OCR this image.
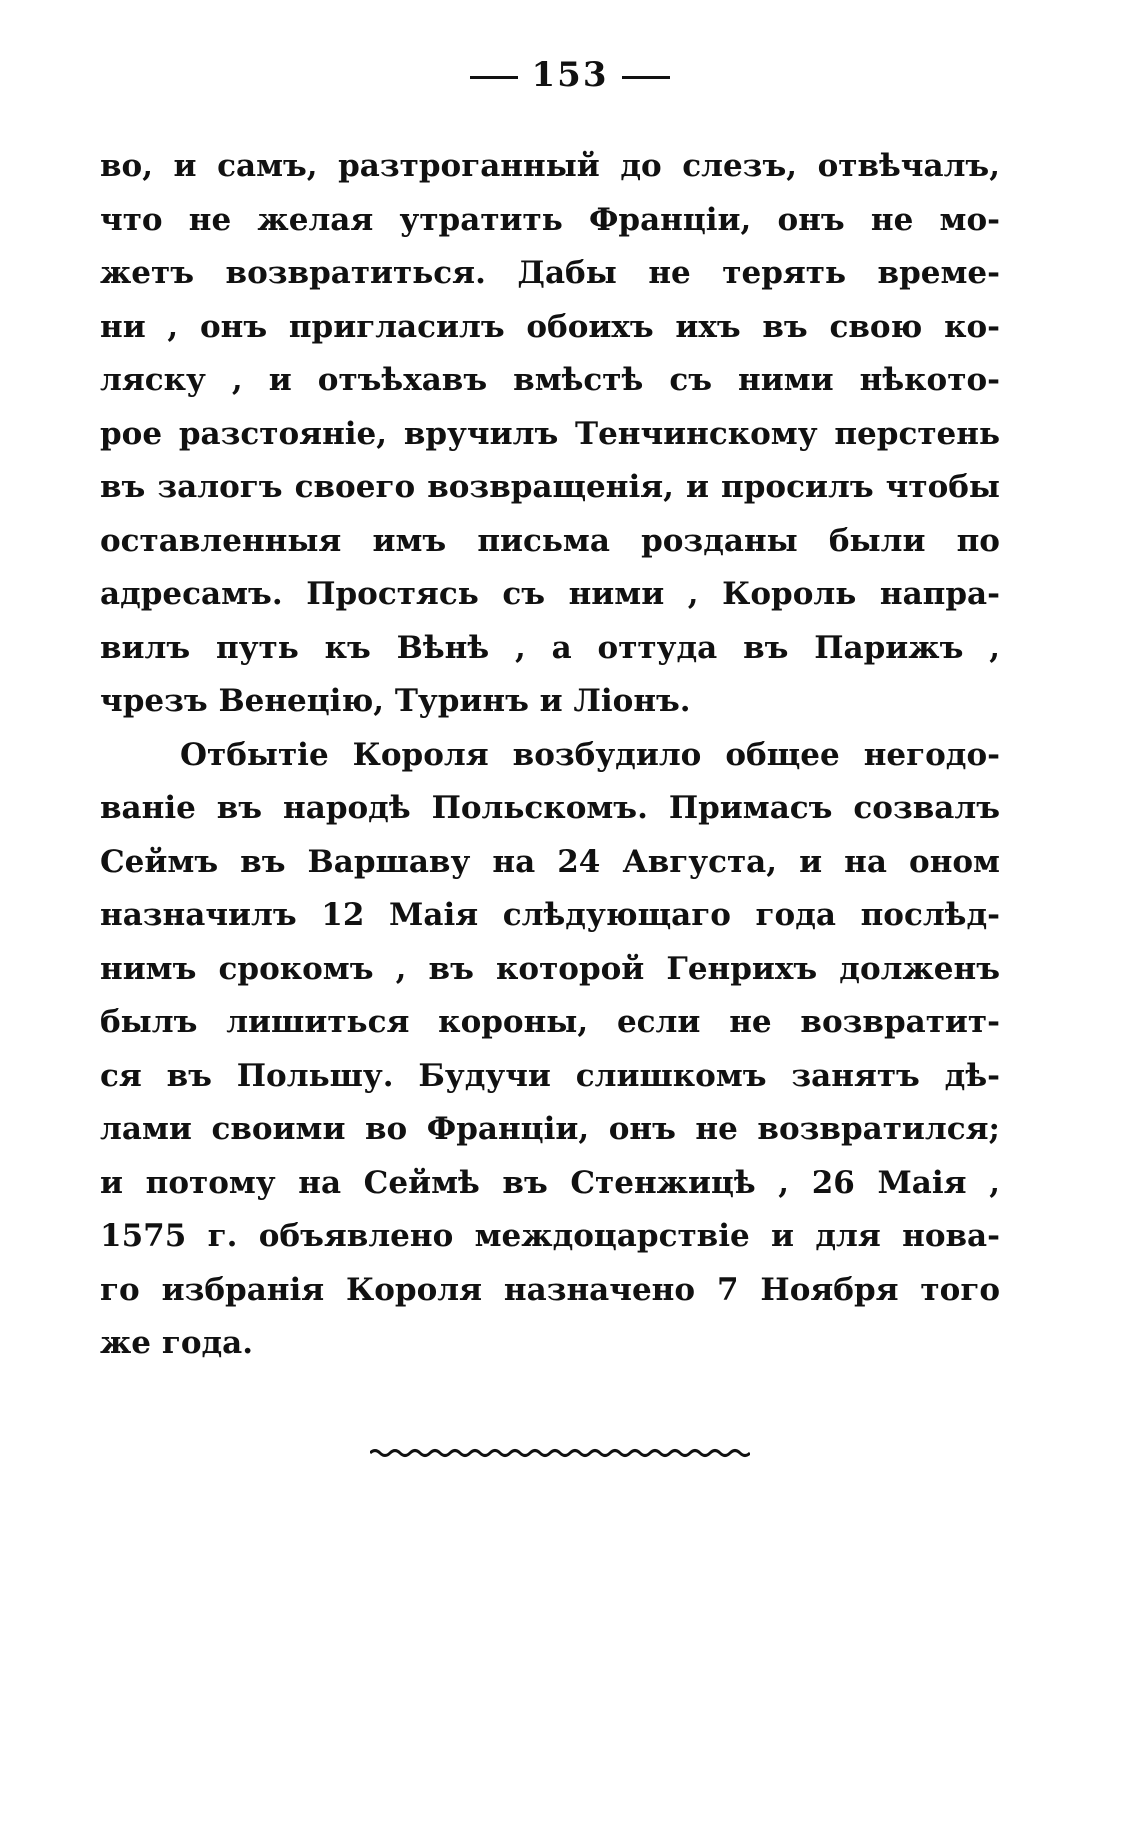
153
во, и самъ, разтроганный до слезъ, отвѣчалъ,
что не желая утратить Франціи, онъ не мо-
жетъ возвратиться. Дабы не терять време-
ни , онъ пригласилъ обоихъ ихъ въ свою ко-
ляску , и отъѣхавъ вмѣстѣ съ ними нѣкото-
рое разстояніе, вручилъ Тенчинскому перстень
въ залогъ своего возвращенія, и просилъ чтобы
оставленныя имъ письма розданы были по
адресамъ. Простясь съ ними , Король напра-
вилъ путь къ Вѣнѣ , а оттуда въ Парижъ ,
чрезъ Венецію, Туринъ и Ліонъ.
Отбытіе Короля возбудило общее негодо-
ваніе въ народѣ Польскомъ. Примасъ созвалъ
Сеймъ въ Варшаву на 24 Августа, и на оном
назначилъ 12 Маія слѣдующаго года послѣд-
нимъ срокомъ , въ которой Генрихъ долженъ
былъ лишиться короны, если не возвратит-
ся въ Польшу. Будучи слишкомъ занятъ дѣ-
лами своими во Франціи, онъ не возвратился;
и потому на Сеймѣ въ Стенжицѣ , 26 Маія ,
1575 г. объявлено междоцарствіе и для нова-
го избранія Короля назначено 7 Ноября того
же года.
